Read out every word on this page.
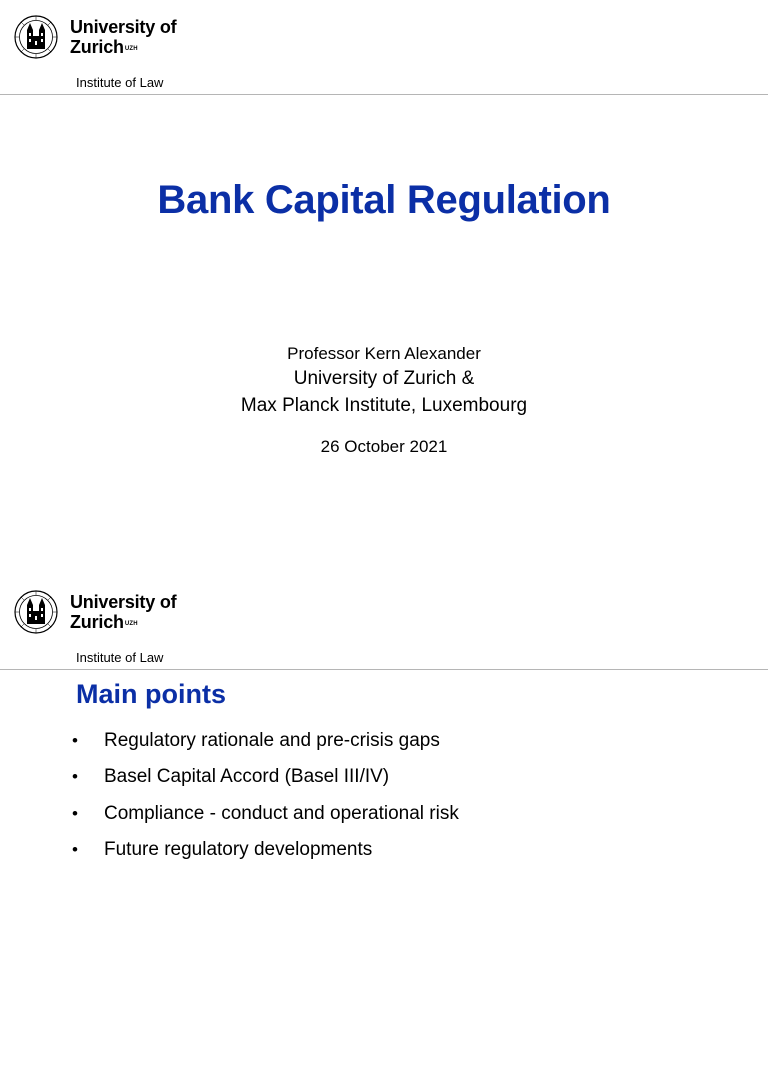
University of
Zurich$^{UZH}$
Institute of Law
Bank Capital Regulation
Professor Kern Alexander
University of Zurich &
Max Planck Institute, Luxembourg
26 October 2021
University of
Zurich$^{UZH}$
Institute of Law
Main points
• Regulatory rationale and pre-crisis gaps
• Basel Capital Accord (Basel III/IV)
• Compliance - conduct and operational risk
• Future regulatory developments
